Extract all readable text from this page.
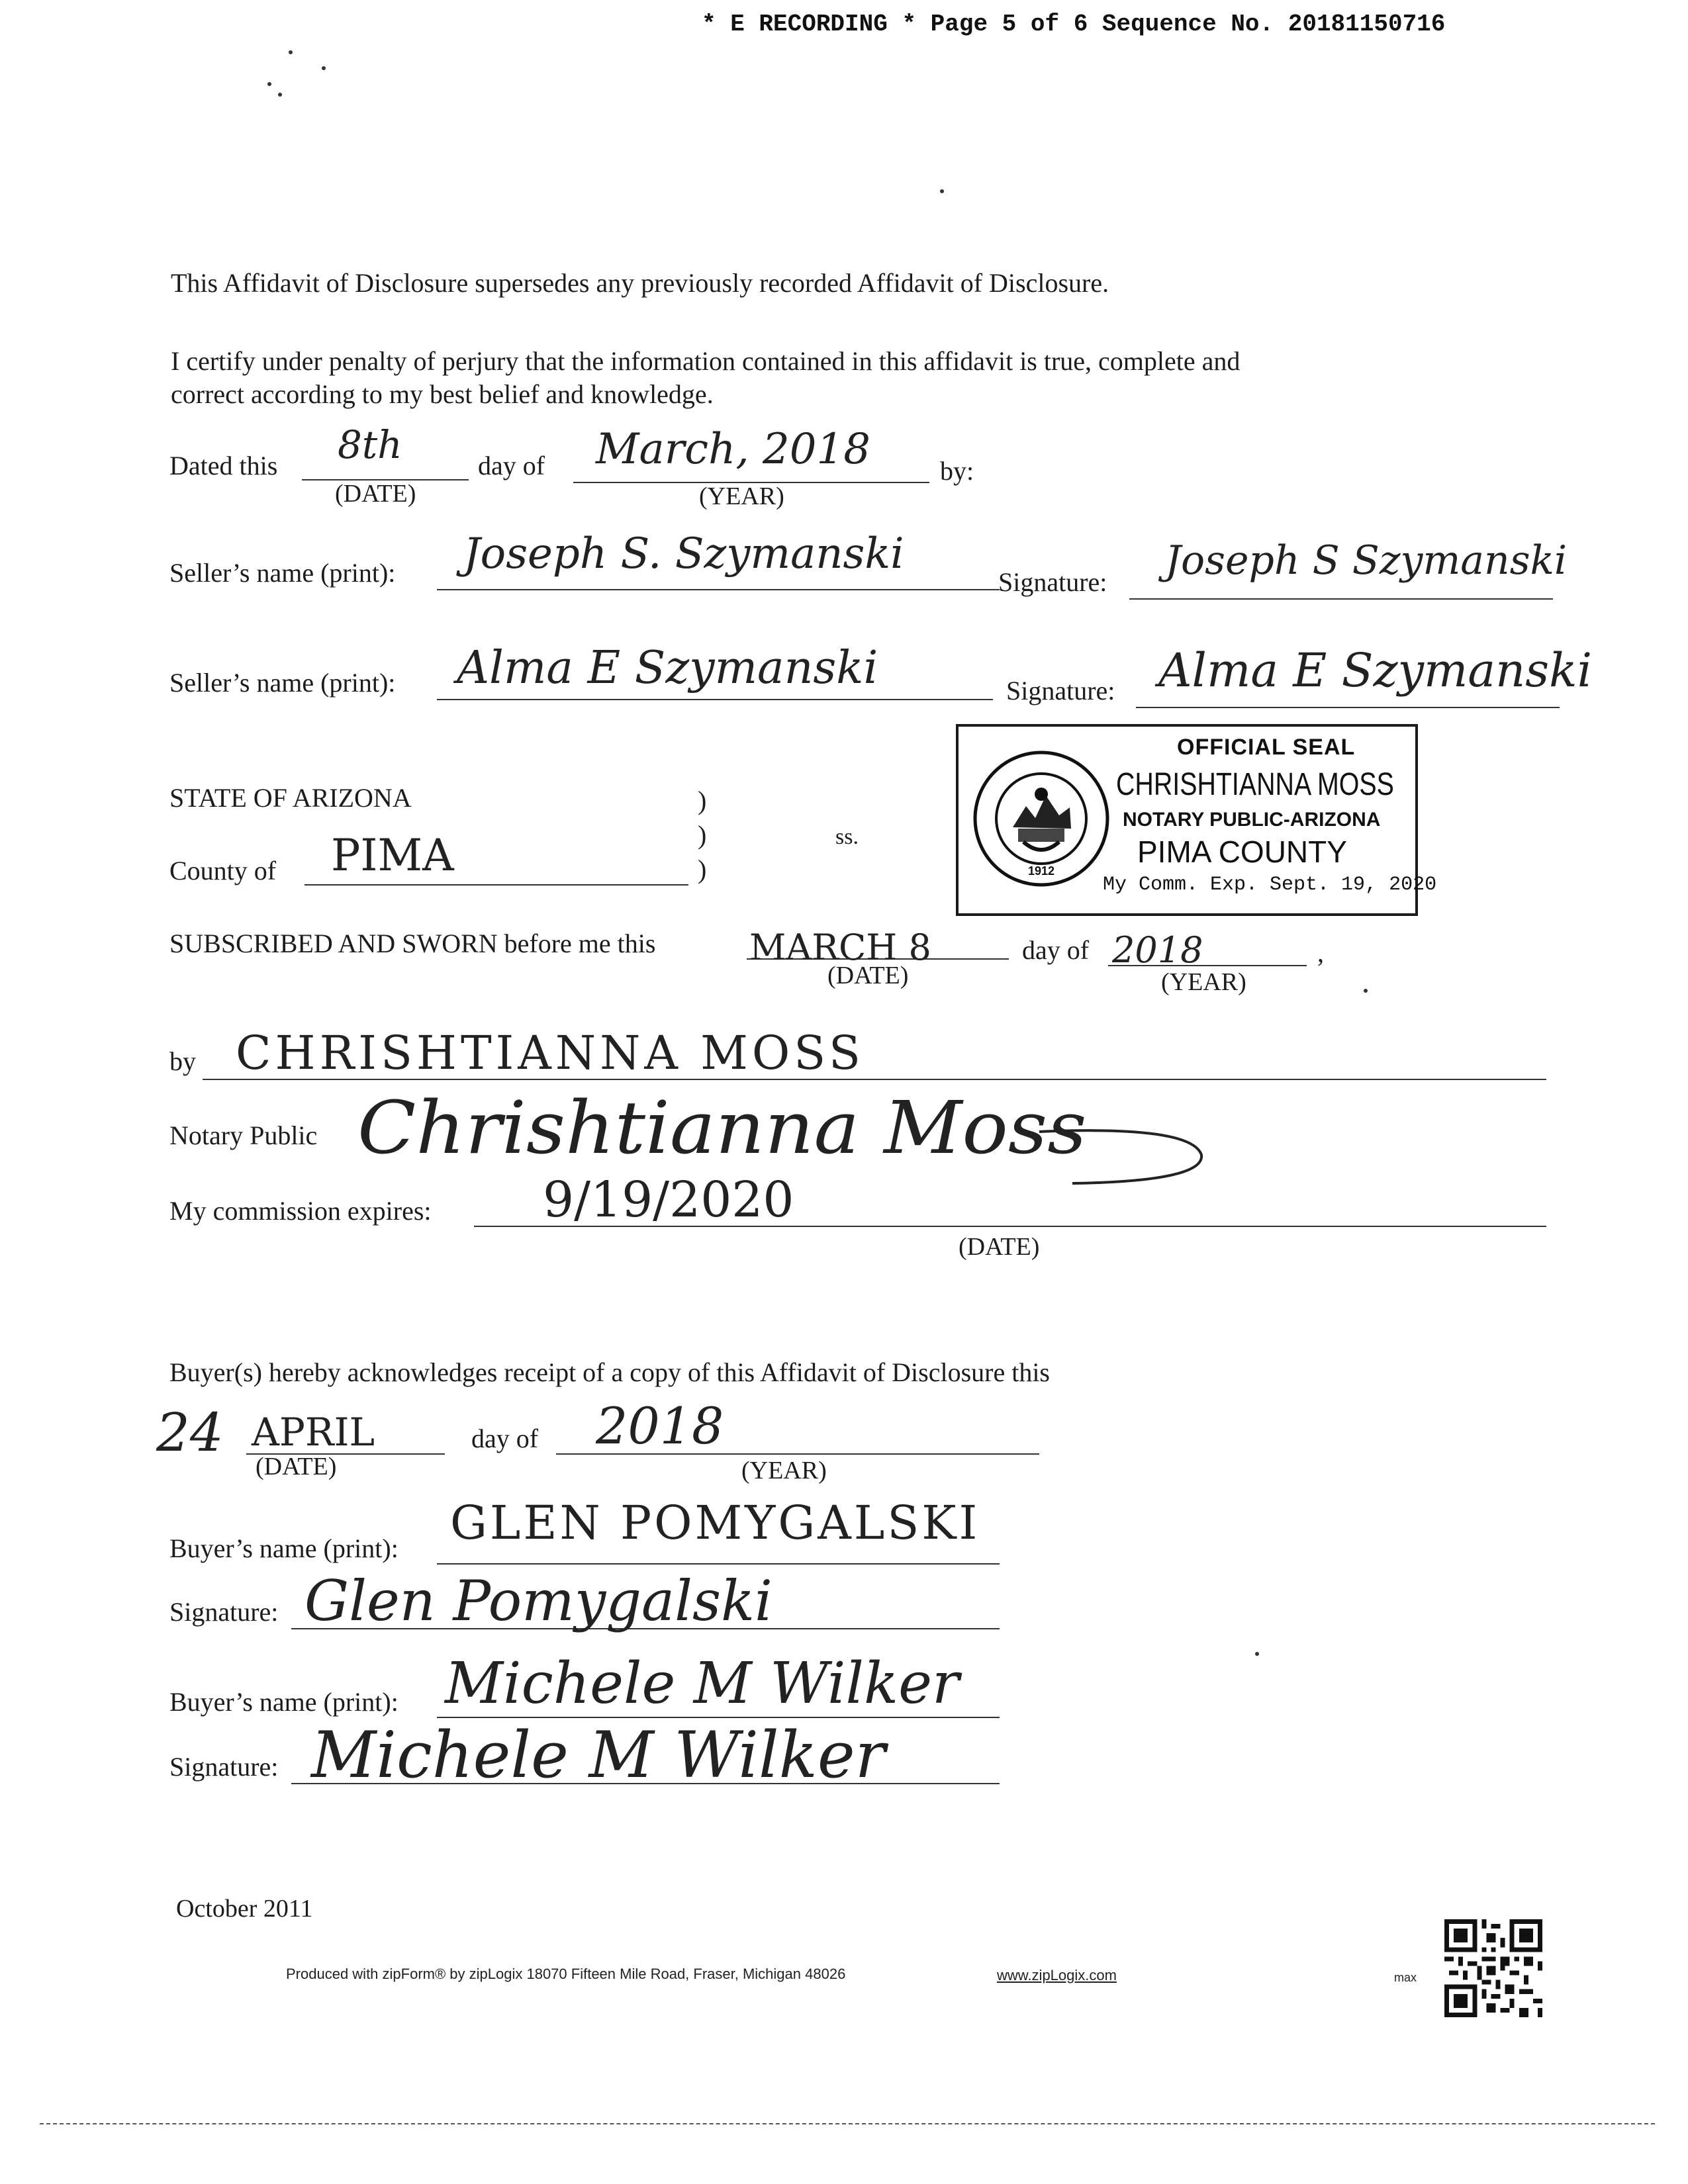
* E RECORDING * Page 5 of 6 Sequence No. 20181150716
This Affidavit of Disclosure supersedes any previously recorded Affidavit of Disclosure.
I certify under penalty of perjury that the information contained in this affidavit is true, complete and
correct according to my best belief and knowledge.
Dated this 8th
(DATE)
day of March, 2018
(YEAR)
by:
Seller’s name (print): Joseph S. Szymanski
Signature: Joseph S Szymanski
Seller’s name (print): Alma E Szymanski	Signature: Alma E Szymanski
STATE OF ARIZONA	)
)
)
ss.
County of PIMA	1912
OFFICIAL SEAL
CHRISHTIANNA MOSS
NOTARY PUBLIC-ARIZONA
PIMA COUNTY
My Comm. Exp. Sept. 19, 2020
SUBSCRIBED AND SWORN before me this	MARCH 8
(DATE)
day of 2018
(YEAR)
,
by CHRISHTIANNA MOSS
Notary Public Chrishtianna Moss
My commission expires: 9/19/2020
(DATE)
Buyer(s) hereby acknowledges receipt of a copy of this Affidavit of Disclosure this
24 APRIL
(DATE)
day of 2018
(YEAR)
Buyer’s name (print): GLEN POMYGALSKI
Signature: Glen Pomygalski
Buyer’s name (print): Michele M Wilker
Signature: Michele M Wilker
October 2011
Produced with zipForm® by zipLogix 18070 Fifteen Mile Road, Fraser, Michigan 48026	www.zipLogix.com	max
